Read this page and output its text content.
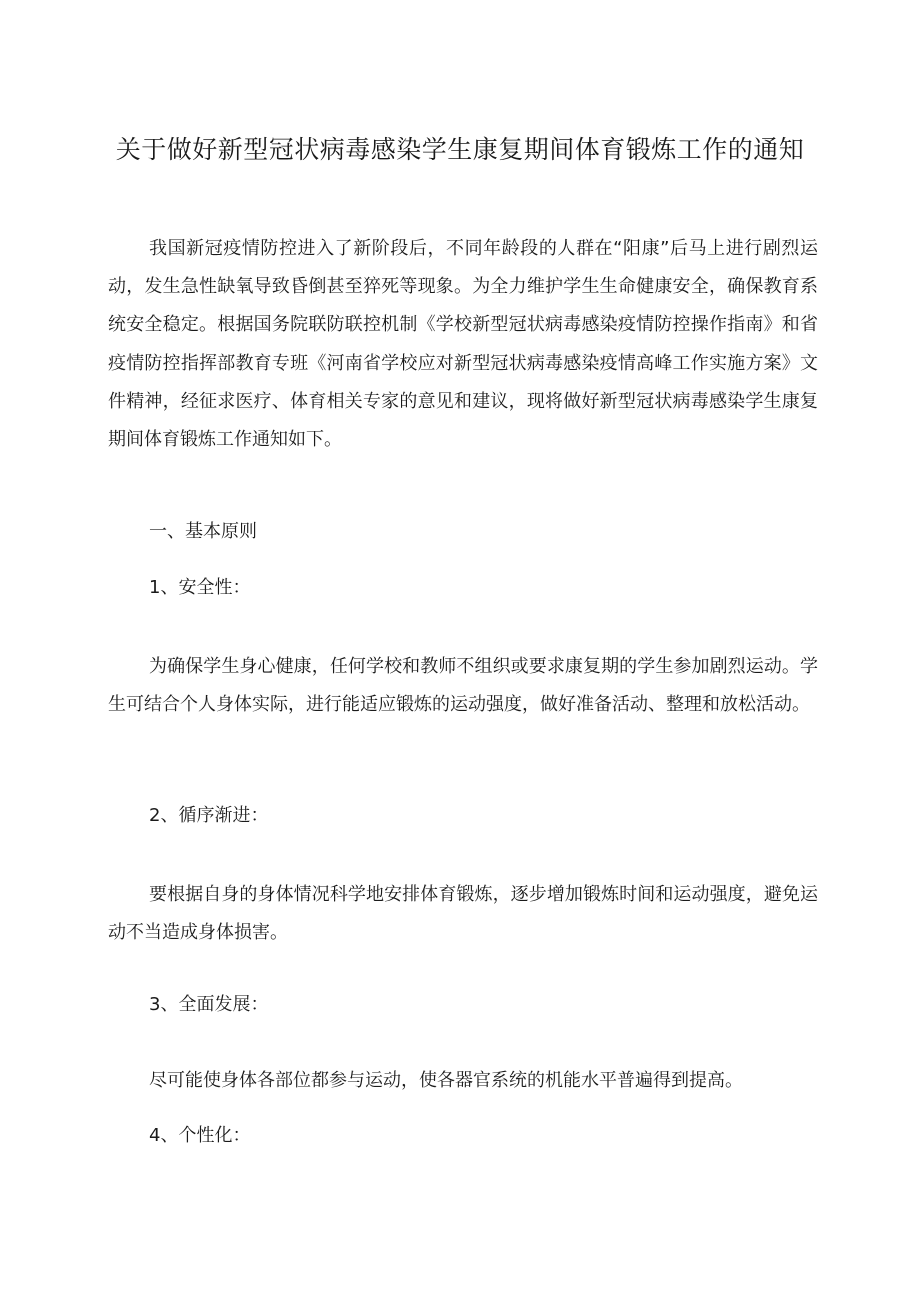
关于做好新型冠状病毒感染学生康复期间体育锻炼工作的通知

我国新冠疫情防控进入了新阶段后，不同年龄段的人群在“阳康”后马上进行剧烈运动，发生急性缺氧导致昏倒甚至猝死等现象。为全力维护学生生命健康安全，确保教育系统安全稳定。根据国务院联防联控机制《学校新型冠状病毒感染疫情防控操作指南》和省疫情防控指挥部教育专班《河南省学校应对新型冠状病毒感染疫情高峰工作实施方案》文件精神，经征求医疗、体育相关专家的意见和建议，现将做好新型冠状病毒感染学生康复期间体育锻炼工作通知如下。

一、基本原则

1、安全性：

为确保学生身心健康，任何学校和教师不组织或要求康复期的学生参加剧烈运动。学生可结合个人身体实际，进行能适应锻炼的运动强度，做好准备活动、整理和放松活动。

2、循序渐进：

要根据自身的身体情况科学地安排体育锻炼，逐步增加锻炼时间和运动强度，避免运动不当造成身体损害。

3、全面发展：

尽可能使身体各部位都参与运动，使各器官系统的机能水平普遍得到提高。

4、个性化：
